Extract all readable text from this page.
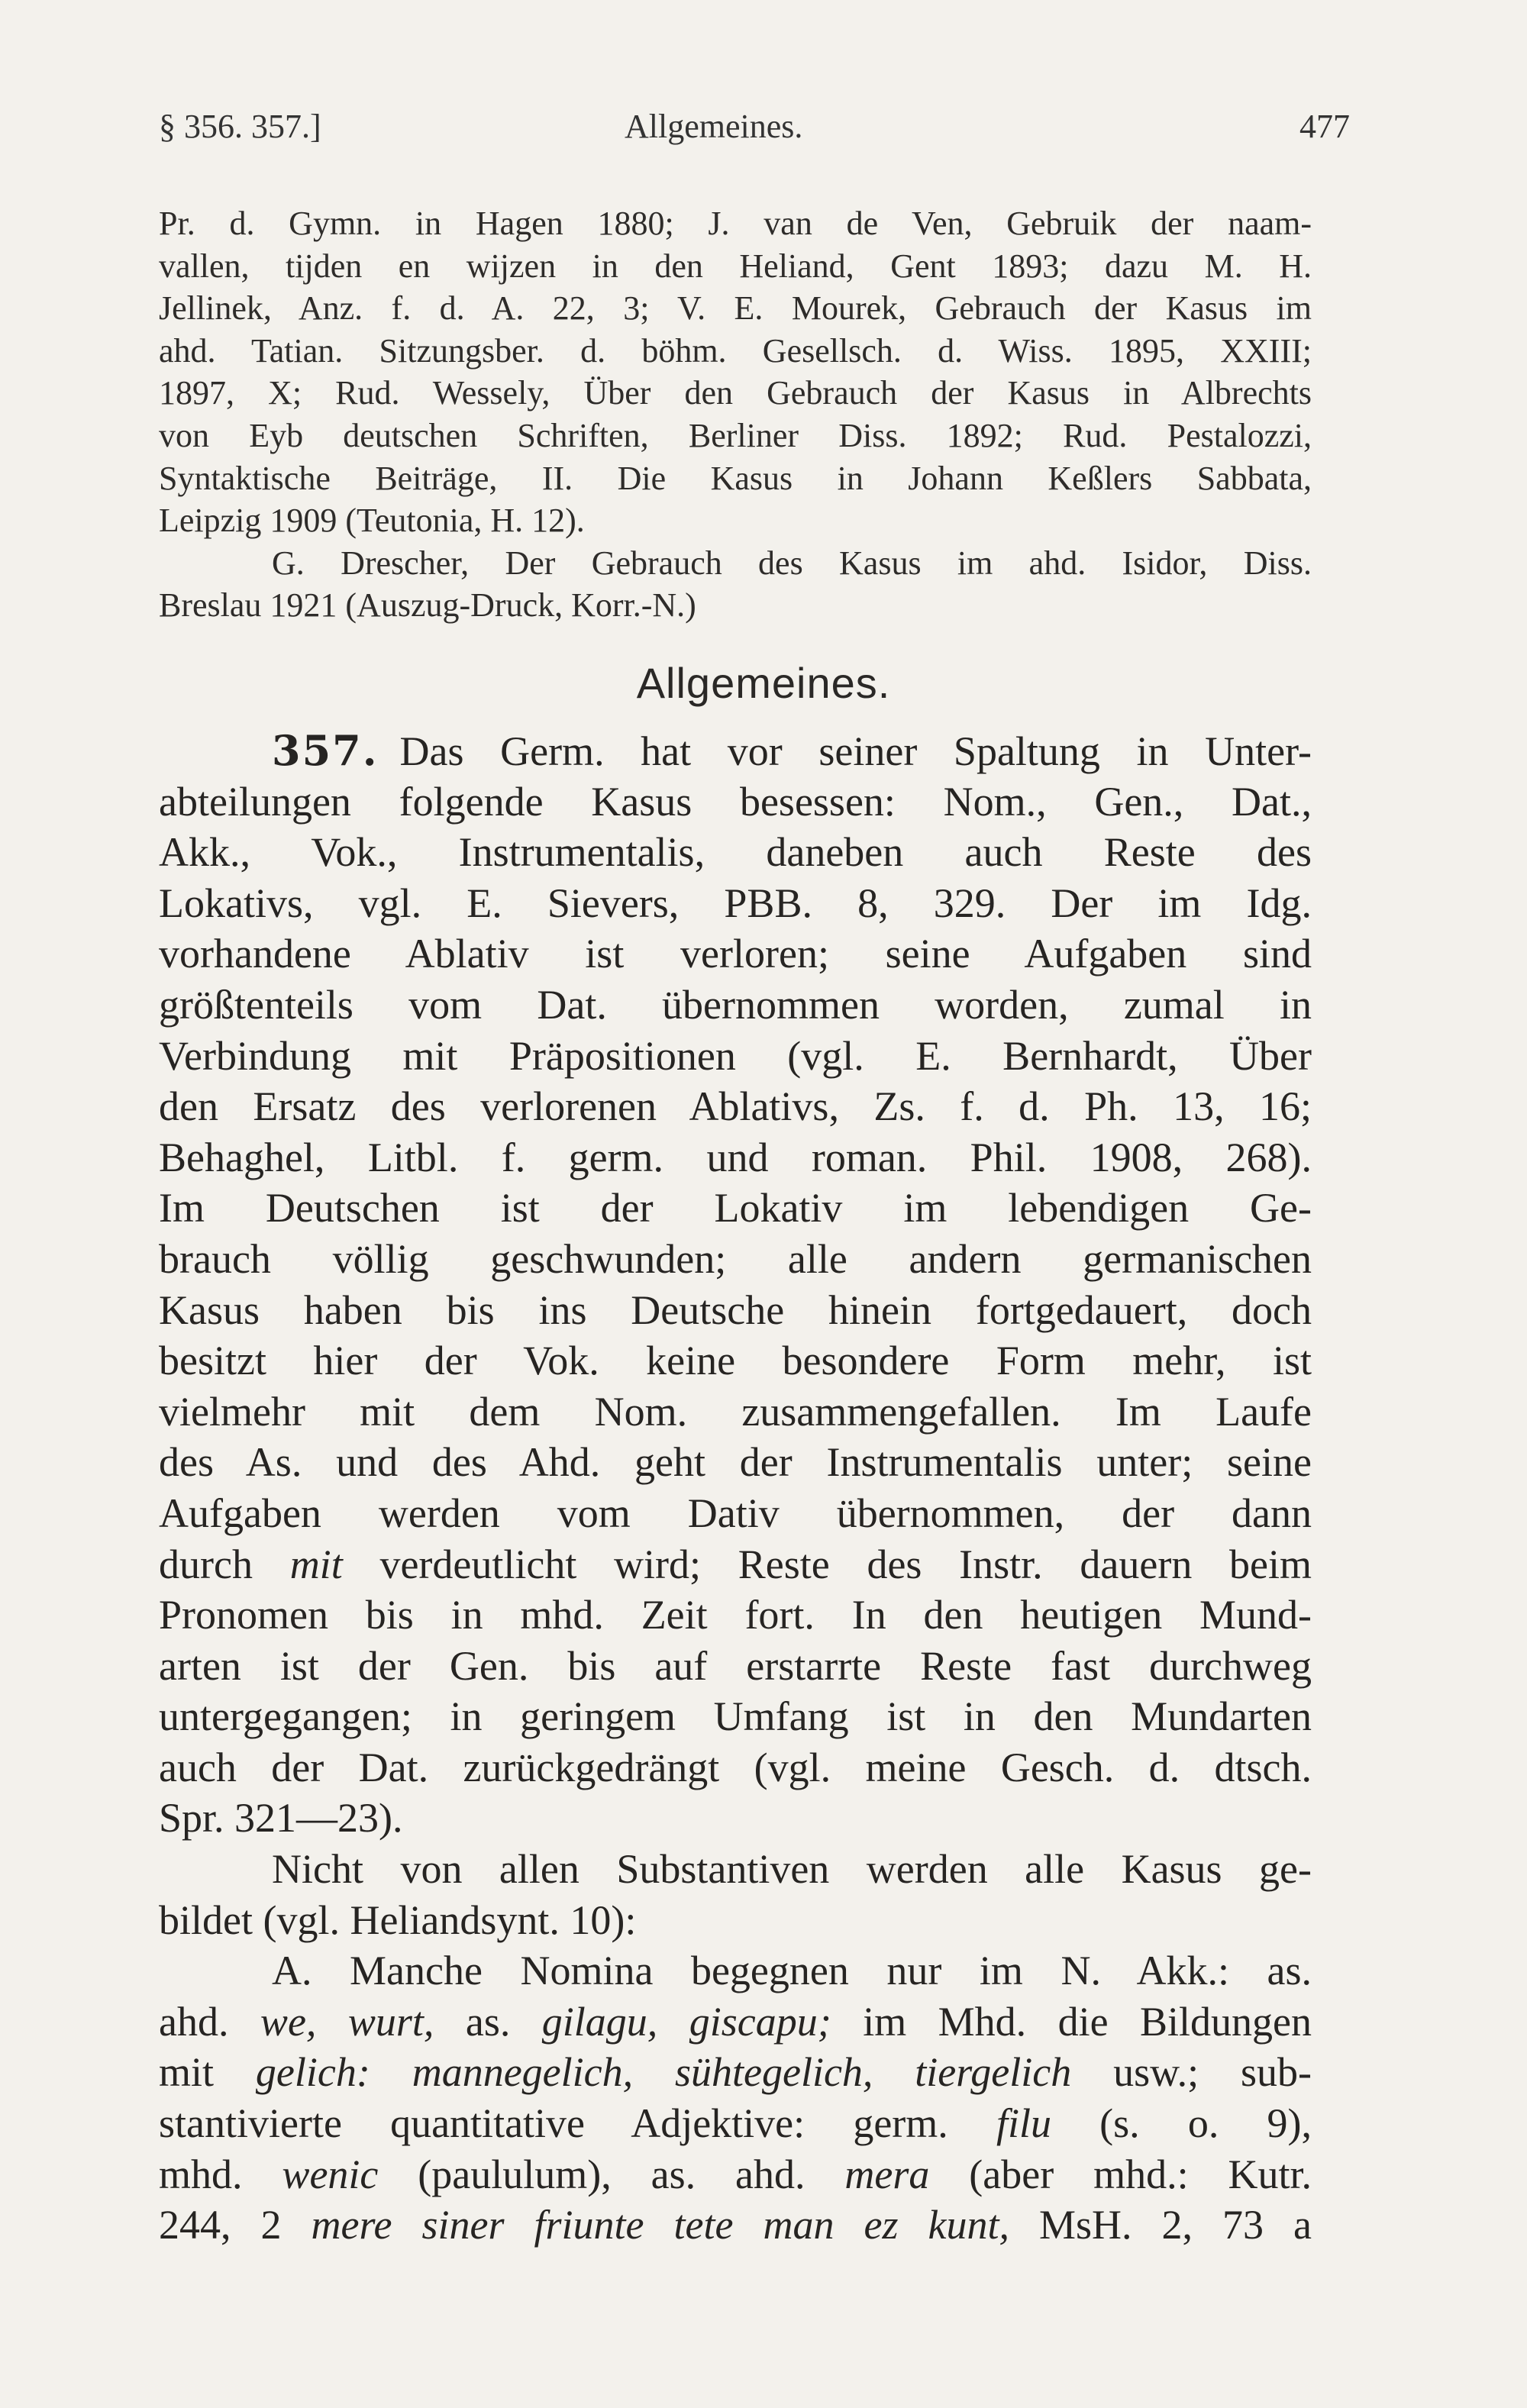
§ 356. 357.]	Allgemeines.	477
Pr. d. Gymn. in Hagen 1880; J. van de Ven, Gebruik der naam-
vallen, tijden en wijzen in den Heliand, Gent 1893; dazu M. H.
Jellinek, Anz. f. d. A. 22, 3; V. E. Mourek, Gebrauch der Kasus im
ahd. Tatian. Sitzungsber. d. böhm. Gesellsch. d. Wiss. 1895, XXIII;
1897, X; Rud. Wessely, Über den Gebrauch der Kasus in Albrechts
von Eyb deutschen Schriften, Berliner Diss. 1892; Rud. Pestalozzi,
Syntaktische Beiträge, II. Die Kasus in Johann Keßlers Sabbata,
Leipzig 1909 (Teutonia, H. 12).
G. Drescher, Der Gebrauch des Kasus im ahd. Isidor, Diss.
Breslau 1921 (Auszug-Druck, Korr.-N.)
Allgemeines.
357. Das Germ. hat vor seiner Spaltung in Unter-
abteilungen folgende Kasus besessen: Nom., Gen., Dat.,
Akk., Vok., Instrumentalis, daneben auch Reste des
Lokativs, vgl. E. Sievers, PBB. 8, 329. Der im Idg.
vorhandene Ablativ ist verloren; seine Aufgaben sind
größtenteils vom Dat. übernommen worden, zumal in
Verbindung mit Präpositionen (vgl. E. Bernhardt, Über
den Ersatz des verlorenen Ablativs, Zs. f. d. Ph. 13, 16;
Behaghel, Litbl. f. germ. und roman. Phil. 1908, 268).
Im Deutschen ist der Lokativ im lebendigen Ge-
brauch völlig geschwunden; alle andern germanischen
Kasus haben bis ins Deutsche hinein fortgedauert, doch
besitzt hier der Vok. keine besondere Form mehr, ist
vielmehr mit dem Nom. zusammengefallen. Im Laufe
des As. und des Ahd. geht der Instrumentalis unter; seine
Aufgaben werden vom Dativ übernommen, der dann
durch mit verdeutlicht wird; Reste des Instr. dauern beim
Pronomen bis in mhd. Zeit fort. In den heutigen Mund-
arten ist der Gen. bis auf erstarrte Reste fast durchweg
untergegangen; in geringem Umfang ist in den Mundarten
auch der Dat. zurückgedrängt (vgl. meine Gesch. d. dtsch.
Spr. 321—23).
Nicht von allen Substantiven werden alle Kasus ge-
bildet (vgl. Heliandsynt. 10):
A. Manche Nomina begegnen nur im N. Akk.: as.
ahd. we, wurt, as. gilagu, giscapu; im Mhd. die Bildungen
mit gelich: mannegelich, sühtegelich, tiergelich usw.; sub-
stantivierte quantitative Adjektive: germ. filu (s. o. 9),
mhd. wenic (paululum), as. ahd. mera (aber mhd.: Kutr.
244, 2 mere siner friunte tete man ez kunt, MsH. 2, 73 a
